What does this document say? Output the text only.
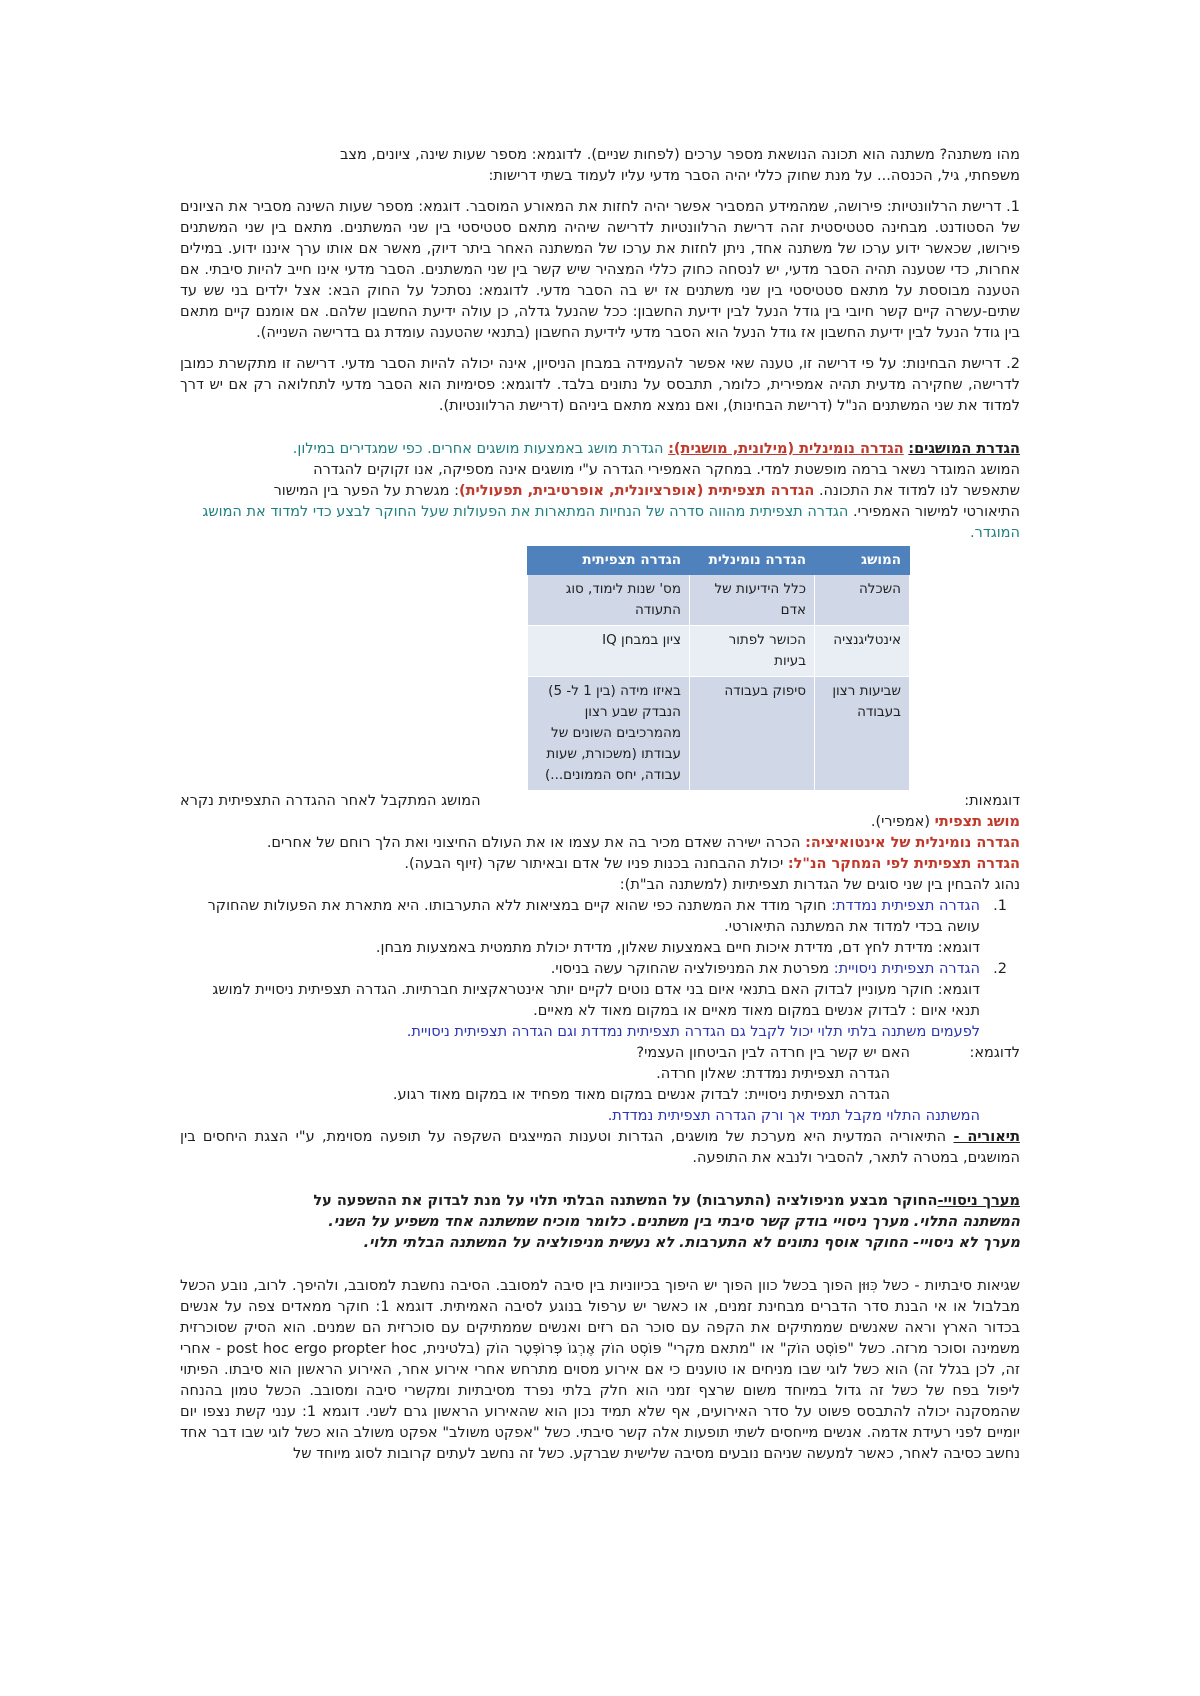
מהו משתנה? משתנה הוא תכונה הנושאת מספר ערכים (לפחות שניים). לדוגמא: מספר שעות שינה, ציונים, מצב

משפחתי, גיל, הכנסה... על מנת שחוק כללי יהיה הסבר מדעי עליו לעמוד בשתי דרישות:

1. דרישת הרלוונטיות: פירושה, שמהמידע המסביר אפשר יהיה לחזות את המאורע המוסבר. דוגמא: מספר שעות השינה מסביר את הציונים של הסטודנט. מבחינה סטטיסטית זהה דרישת הרלוונטיות לדרישה שיהיה מתאם סטטיסטי בין שני המשתנים. מתאם בין שני המשתנים פירושו, שכאשר ידוע ערכו של משתנה אחד, ניתן לחזות את ערכו של המשתנה האחר ביתר דיוק, מאשר אם אותו ערך איננו ידוע. במילים אחרות, כדי שטענה תהיה הסבר מדעי, יש לנסחה כחוק כללי המצהיר שיש קשר בין שני המשתנים. הסבר מדעי אינו חייב להיות סיבתי. אם הטענה מבוססת על מתאם סטטיסטי בין שני משתנים אז יש בה הסבר מדעי. לדוגמא: נסתכל על החוק הבא: אצל ילדים בני שש עד שתים-עשרה קיים קשר חיובי בין גודל הנעל לבין ידיעת החשבון: ככל שהנעל גדלה, כן עולה ידיעת החשבון שלהם. אם אומנם קיים מתאם בין גודל הנעל לבין ידיעת החשבון אז גודל הנעל הוא הסבר מדעי לידיעת החשבון (בתנאי שהטענה עומדת גם בדרישה השנייה).

2. דרישת הבחינות: על פי דרישה זו, טענה שאי אפשר להעמידה במבחן הניסיון, אינה יכולה להיות הסבר מדעי. דרישה זו מתקשרת כמובן לדרישה, שחקירה מדעית תהיה אמפירית, כלומר, תתבסס על נתונים בלבד. לדוגמא: פסימיות הוא הסבר מדעי לתחלואה רק אם יש דרך למדוד את שני המשתנים הנ"ל (דרישת הבחינות), ואם נמצא מתאם ביניהם (דרישת הרלוונטיות).

הגדרת המושגים: הגדרה נומינלית (מילונית, מושגית): הגדרת מושג באמצעות מושגים אחרים. כפי שמגדירים במילון.

המושג המוגדר נשאר ברמה מופשטת למדי. במחקר האמפירי הגדרה ע"י מושגים אינה מספיקה, אנו זקוקים להגדרה

שתאפשר לנו למדוד את התכונה. הגדרה תצפיתית (אופרציונלית, אופרטיבית, תפעולית): מגשרת על הפער בין המישור

התיאורטי למישור האמפירי. הגדרה תצפיתית מהווה סדרה של הנחיות המתארות את הפעולות שעל החוקר לבצע כדי למדוד את המושג המוגדר.

המושג	הגדרה נומינלית	הגדרה תצפיתית
השכלה	כלל הידיעות של אדם	מס' שנות לימוד, סוג התעודה
אינטליגנציה	הכושר לפתור בעיות	ציון במבחן IQ
שביעות רצון בעבודה	סיפוק בעבודה	באיזו מידה (בין 1 ל- 5) הנבדק שבע רצון מהמרכיבים השונים של עבודתו (משכורת, שעות עבודה, יחס הממונים...)
דוגמאות:
המושג המתקבל לאחר ההגדרה התצפיתית נקרא

מושג תצפיתי (אמפירי).

הגדרה נומינלית של אינטואיציה: הכרה ישירה שאדם מכיר בה את עצמו או את העולם החיצוני ואת הלך רוחם של אחרים.

הגדרה תצפיתית לפי המחקר הנ"ל: יכולת ההבחנה בכנות פניו של אדם ובאיתור שקר (זיוף הבעה).

נהוג להבחין בין שני סוגים של הגדרות תצפיתיות (למשתנה הב"ת):

1.

הגדרה תצפיתית נמדדת: חוקר מודד את המשתנה כפי שהוא קיים במציאות ללא התערבותו. היא מתארת את הפעולות שהחוקר עושה בכדי למדוד את המשתנה התיאורטי.

דוגמא: מדידת לחץ דם, מדידת איכות חיים באמצעות שאלון, מדידת יכולת מתמטית באמצעות מבחן.

2.

הגדרה תצפיתית ניסויית: מפרטת את המניפולציה שהחוקר עשה בניסוי.

דוגמא: חוקר מעוניין לבדוק האם בתנאי איום בני אדם נוטים לקיים יותר אינטראקציות חברתיות. הגדרה תצפיתית ניסויית למושג תנאי איום : לבדוק אנשים במקום מאוד מאיים או במקום מאוד לא מאיים.

לפעמים משתנה בלתי תלוי יכול לקבל גם הגדרה תצפיתית נמדדת וגם הגדרה תצפיתית ניסויית.

לדוגמא:

האם יש קשר בין חרדה לבין הביטחון העצמי?

הגדרה תצפיתית נמדדת: שאלון חרדה.

הגדרה תצפיתית ניסויית: לבדוק אנשים במקום מאוד מפחיד או במקום מאוד רגוע.

המשתנה התלוי מקבל תמיד אך ורק הגדרה תצפיתית נמדדת.

תיאוריה - התיאוריה המדעית היא מערכת של מושגים, הגדרות וטענות המייצגים השקפה על תופעה מסוימת, ע"י הצגת היחסים בין המושגים, במטרה לתאר, להסביר ולנבא את התופעה.

מערך ניסויי-החוקר מבצע מניפולציה (התערבות) על המשתנה הבלתי תלוי על מנת לבדוק את ההשפעה על

המשתנה התלוי. מערך ניסויי בודק קשר סיבתי בין משתנים. כלומר מוכיח שמשתנה אחד משפיע על השני.

מערך לא ניסויי- החוקר אוסף נתונים לא התערבות. לא נעשית מניפולציה על המשתנה הבלתי תלוי.

שגיאות סיבתיות - כשל כִּוּוּן הפוך בכשל כוון הפוך יש היפוך בכיווניות בין סיבה למסובב. הסיבה נחשבת למסובב, ולהיפך. לרוב, נובע הכשל מבלבול או אי הבנת סדר הדברים מבחינת זמנים, או כאשר יש ערפול בנוגע לסיבה האמיתית. דוגמא 1: חוקר ממאדים צפה על אנשים בכדור הארץ וראה שאנשים שממתיקים את הקפה עם סוכר הם רזים ואנשים שממתיקים עם סוכרזית הם שמנים. הוא הסיק שסוכרזית משמינה וסוכר מרזה. כשל "פוֹסְט הוֹק" או "מתאם מקרי" פּוֹסְט הוֹק אֶרְגוֹ פְּרוֹפְּטֶר הוֹק (בלטינית, post hoc ergo propter hoc - אחרי זה, לכן בגלל זה) הוא כשל לוגי שבו מניחים או טוענים כי אם אירוע מסוים מתרחש אחרי אירוע אחר, האירוע הראשון הוא סיבתו. הפיתוי ליפול בפח של כשל זה גדול במיוחד משום שרצף זמני הוא חלק בלתי נפרד מסיבתיות ומקשרי סיבה ומסובב. הכשל טמון בהנחה שהמסקנה יכולה להתבסס פשוט על סדר האירועים, אף שלא תמיד נכון הוא שהאירוע הראשון גרם לשני. דוגמא 1: ענני קשת נצפו יום יומיים לפני רעידת אדמה. אנשים מייחסים לשתי תופעות אלה קשר סיבתי. כשל "אפקט משולב" אפקט משולב הוא כשל לוגי שבו דבר אחד נחשב כסיבה לאחר, כאשר למעשה שניהם נובעים מסיבה שלישית שברקע. כשל זה נחשב לעתים קרובות לסוג מיוחד של
